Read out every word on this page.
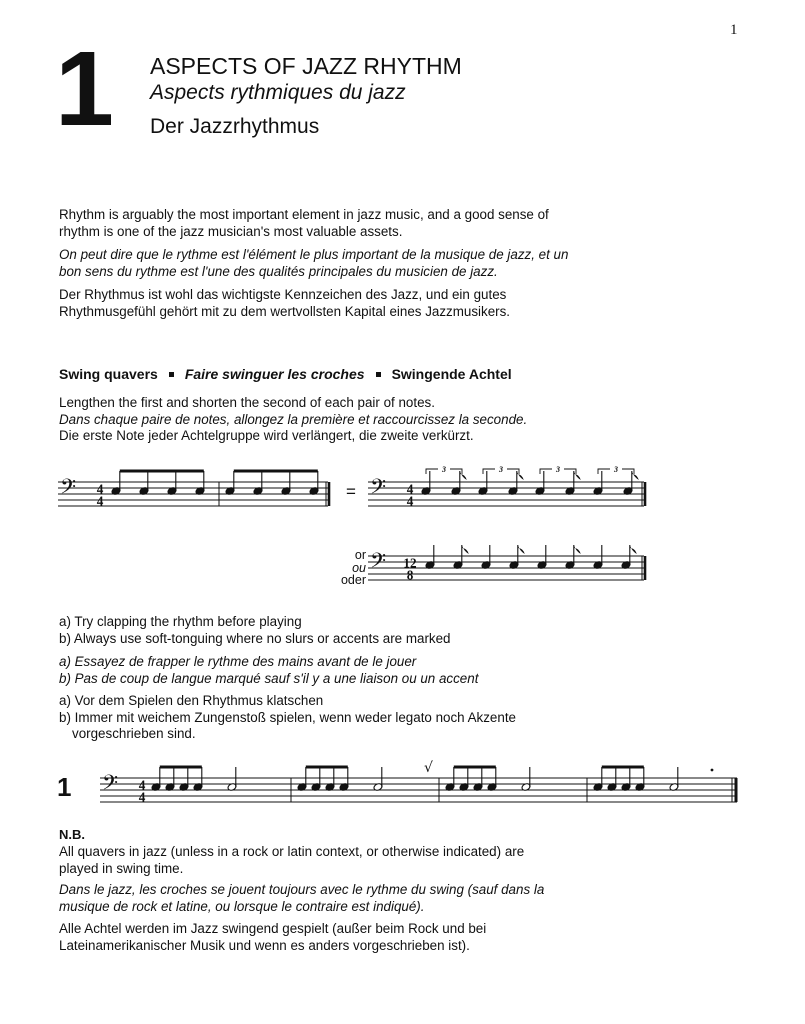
1
1 ASPECTS OF JAZZ RHYTHM
Aspects rythmiques du jazz
Der Jazzrhythmus
Rhythm is arguably the most important element in jazz music, and a good sense of
rhythm is one of the jazz musician's most valuable assets.
On peut dire que le rythme est l'élément le plus important de la musique de jazz, et un
bon sens du rythme est l'une des qualités principales du musicien de jazz.
Der Rhythmus ist wohl das wichtigste Kennzeichen des Jazz, und ein gutes
Rhythmusgefühl gehört mit zu dem wertvollsten Kapital eines Jazzmusikers.
Swing quavers Faire swinguer les croches Swingende Achtel
Lengthen the first and shorten the second of each pair of notes.
Dans chaque paire de notes, allongez la première et raccourcissez la seconde.
Die erste Note jeder Achtelgruppe wird verlängert, die zweite verkürzt.
𝄢 4
4	= 𝄢 4
4
3	3	3	3
or
ou
oder
𝄢 12
8
a) Try clapping the rhythm before playing
b) Always use soft-tonguing where no slurs or accents are marked
a) Essayez de frapper le rythme des mains avant de le jouer
b) Pas de coup de langue marqué sauf s'il y a une liaison ou un accent
a) Vor dem Spielen den Rhythmus klatschen
b) Immer mit weichem Zungenstoß spielen, wenn weder legato noch Akzente
vorgeschrieben sind.
1 𝄢 4
4
√
N.B.
All quavers in jazz (unless in a rock or latin context, or otherwise indicated) are
played in swing time.
Dans le jazz, les croches se jouent toujours avec le rythme du swing (sauf dans la
musique de rock et latine, ou lorsque le contraire est indiqué).
Alle Achtel werden im Jazz swingend gespielt (außer beim Rock und bei
Lateinamerikanischer Musik und wenn es anders vorgeschrieben ist).
